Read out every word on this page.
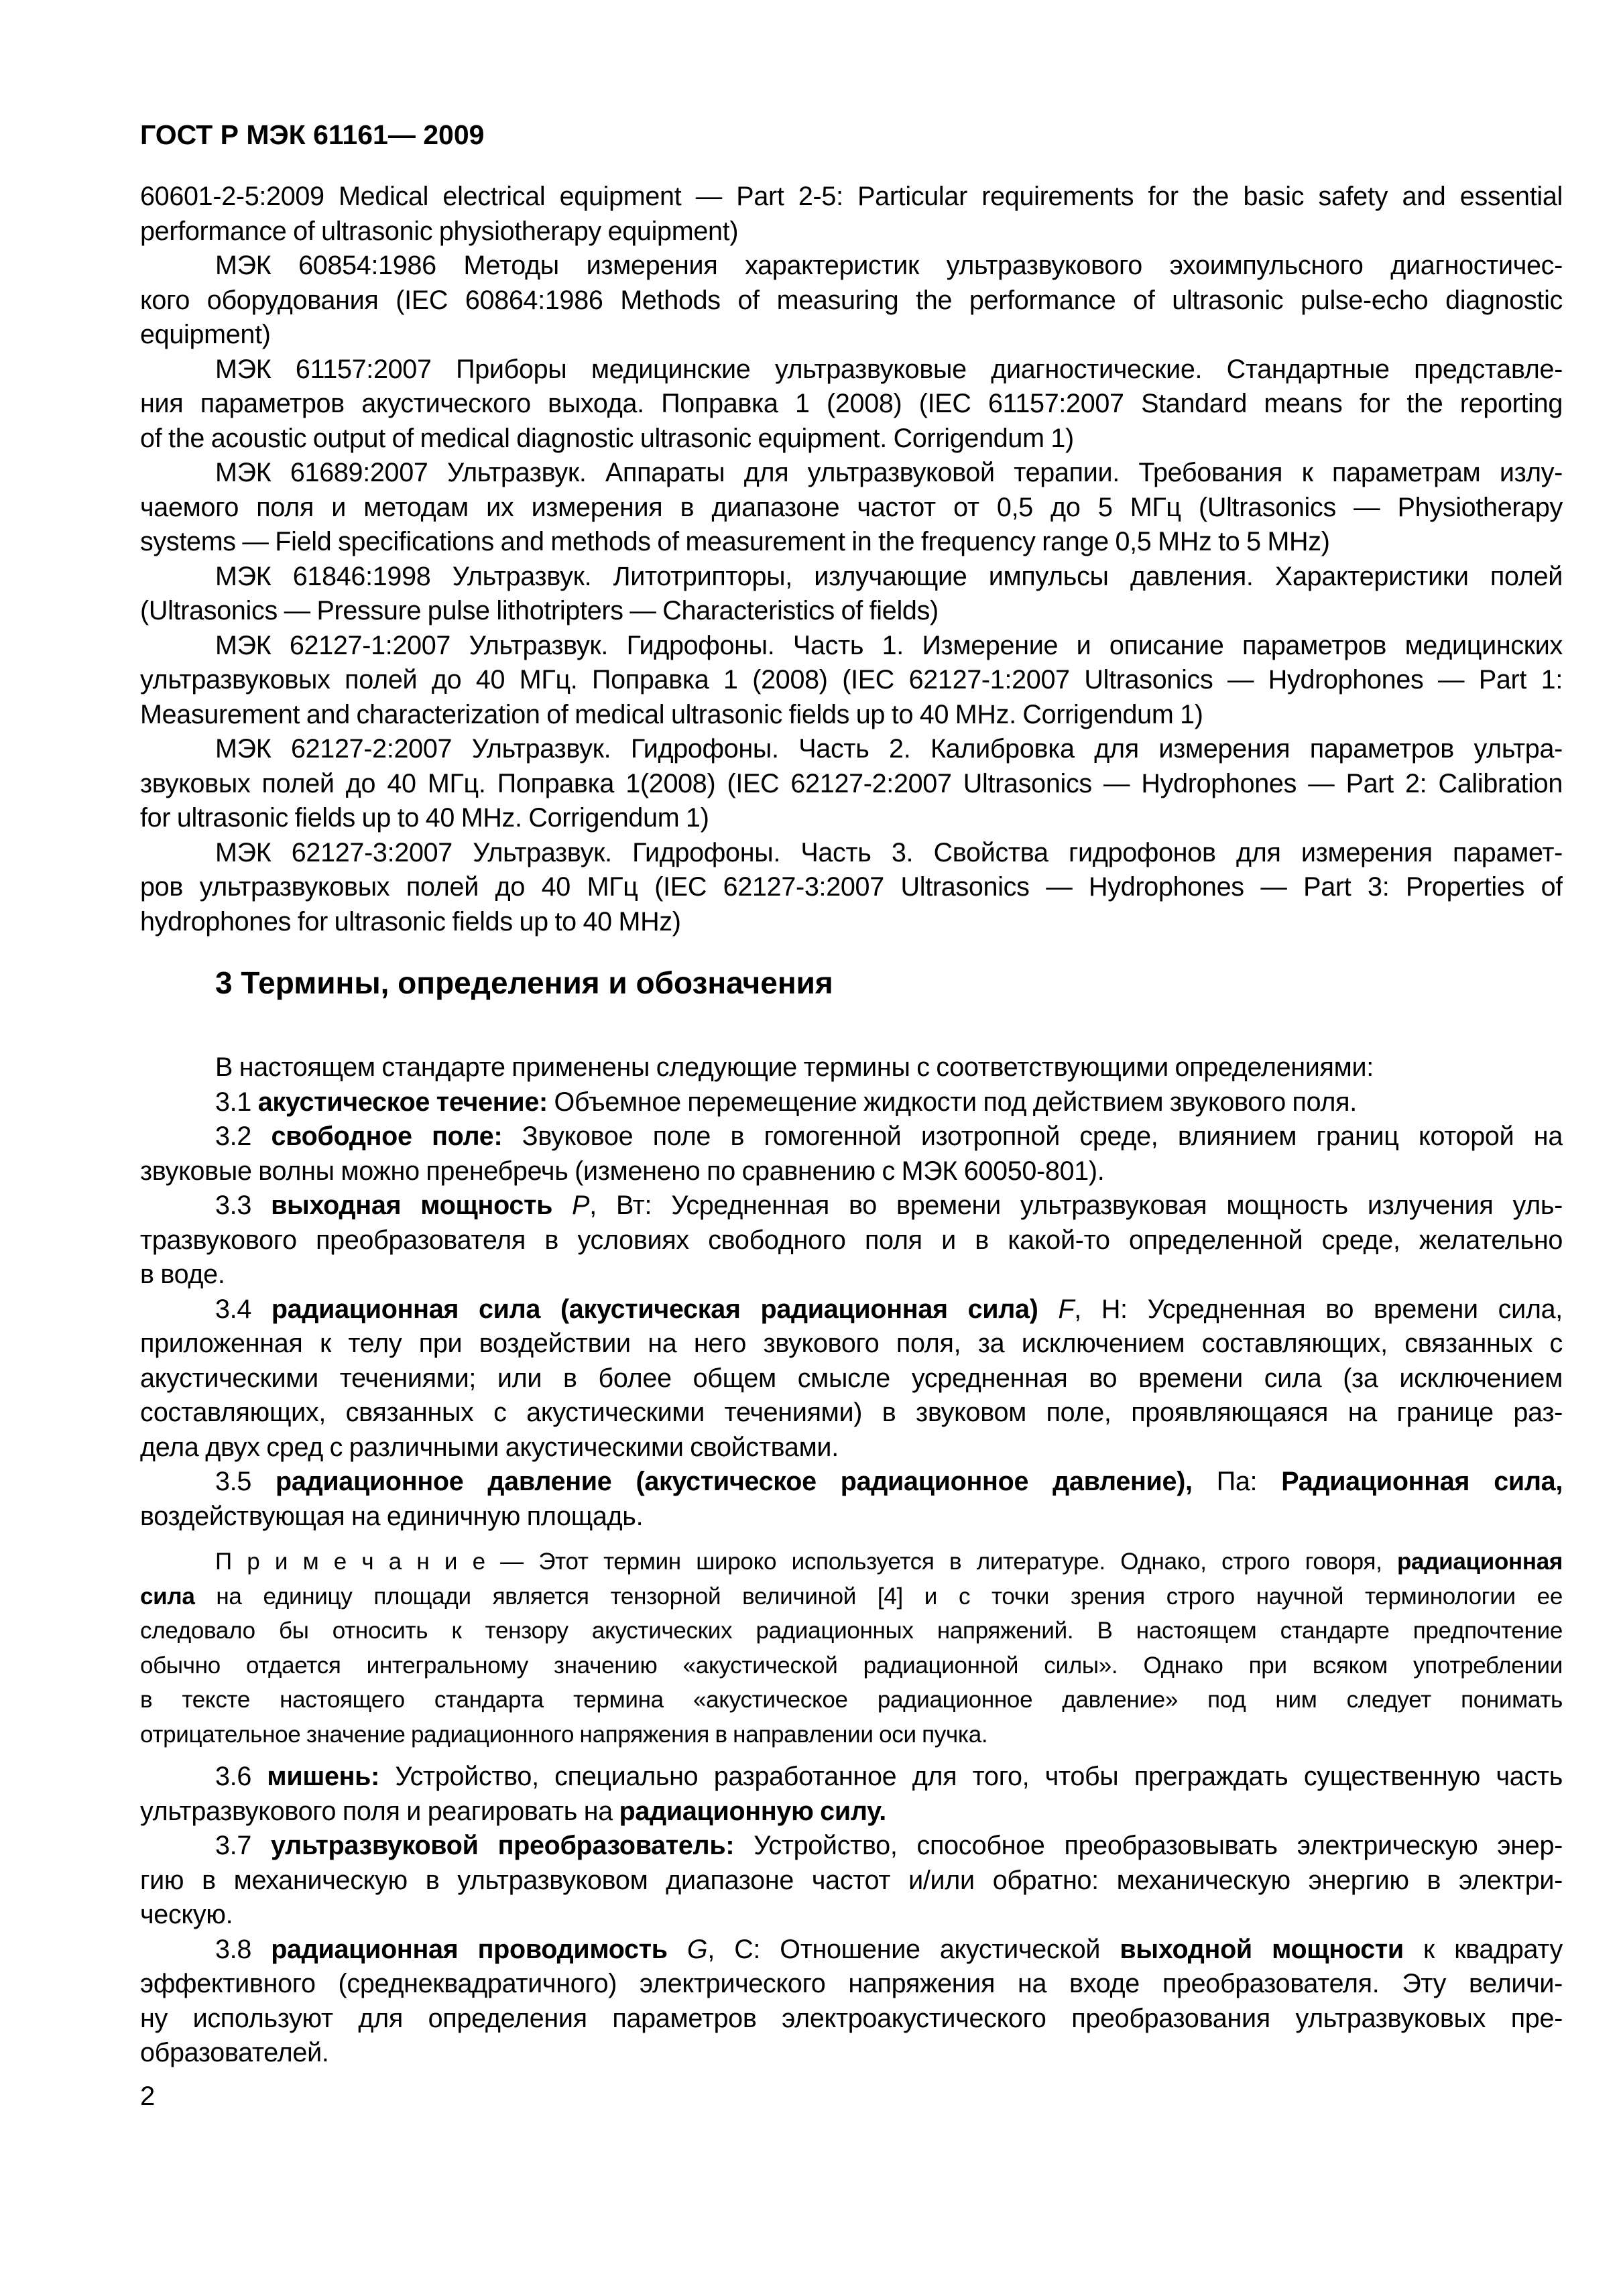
ГОСТ Р МЭК 61161— 2009
60601-2-5:2009 Medical electrical equipment — Part 2-5: Particular requirements for the basic safety and essential
performance of ultrasonic physiotherapy equipment)
МЭК 60854:1986 Методы измерения характеристик ультразвукового эхоимпульсного диагностичес-
кого оборудования (IEC 60864:1986 Methods of measuring the performance of ultrasonic pulse-echo diagnostic
equipment)
МЭК 61157:2007 Приборы медицинские ультразвуковые диагностические. Стандартные представле-
ния параметров акустического выхода. Поправка 1 (2008) (IEC 61157:2007 Standard means for the reporting
of the acoustic output of medical diagnostic ultrasonic equipment. Corrigendum 1)
МЭК 61689:2007 Ультразвук. Аппараты для ультразвуковой терапии. Требования к параметрам излу-
чаемого поля и методам их измерения в диапазоне частот от 0,5 до 5 МГц (Ultrasonics — Physiotherapy
systems — Field specifications and methods of measurement in the frequency range 0,5 MHz to 5 MHz)
МЭК 61846:1998 Ультразвук. Литотрипторы, излучающие импульсы давления. Характеристики полей
(Ultrasonics — Pressure pulse lithotripters — Characteristics of fields)
МЭК 62127-1:2007 Ультразвук. Гидрофоны. Часть 1. Измерение и описание параметров медицинских
ультразвуковых полей до 40 МГц. Поправка 1 (2008) (IEC 62127-1:2007 Ultrasonics — Hydrophones — Part 1:
Measurement and characterization of medical ultrasonic fields up to 40 MHz. Corrigendum 1)
МЭК 62127-2:2007 Ультразвук. Гидрофоны. Часть 2. Калибровка для измерения параметров ультра-
звуковых полей до 40 МГц. Поправка 1(2008) (IEC 62127-2:2007 Ultrasonics — Hydrophones — Part 2: Calibration
for ultrasonic fields up to 40 MHz. Corrigendum 1)
МЭК 62127-3:2007 Ультразвук. Гидрофоны. Часть 3. Свойства гидрофонов для измерения парамет-
ров ультразвуковых полей до 40 МГц (IEC 62127-3:2007 Ultrasonics — Hydrophones — Part 3: Properties of
hydrophones for ultrasonic fields up to 40 MHz)
3 Термины, определения и обозначения
В настоящем стандарте применены следующие термины с соответствующими определениями:
3.1 акустическое течение: Объемное перемещение жидкости под действием звукового поля.
3.2 свободное поле: Звуковое поле в гомогенной изотропной среде, влиянием границ которой на
звуковые волны можно пренебречь (изменено по сравнению с МЭК 60050-801).
3.3 выходная мощность P, Вт: Усредненная во времени ультразвуковая мощность излучения уль-
тразвукового преобразователя в условиях свободного поля и в какой-то определенной среде, желательно
в воде.
3.4 радиационная сила (акустическая радиационная сила) F, Н: Усредненная во времени сила,
приложенная к телу при воздействии на него звукового поля, за исключением составляющих, связанных с
акустическими течениями; или в более общем смысле усредненная во времени сила (за исключением
составляющих, связанных с акустическими течениями) в звуковом поле, проявляющаяся на границе раз-
дела двух сред с различными акустическими свойствами.
3.5 радиационное давление (акустическое радиационное давление), Па: Радиационная сила,
воздействующая на единичную площадь.
П р и м е ч а н и е — Этот термин широко используется в литературе. Однако, строго говоря, радиационная
сила на единицу площади является тензорной величиной [4] и с точки зрения строго научной терминологии ее
следовало бы относить к тензору акустических радиационных напряжений. В настоящем стандарте предпочтение
обычно отдается интегральному значению «акустической радиационной силы». Однако при всяком употреблении
в тексте настоящего стандарта термина «акустическое радиационное давление» под ним следует понимать
отрицательное значение радиационного напряжения в направлении оси пучка.
3.6 мишень: Устройство, специально разработанное для того, чтобы преграждать существенную часть
ультразвукового поля и реагировать на радиационную силу.
3.7 ультразвуковой преобразователь: Устройство, способное преобразовывать электрическую энер-
гию в механическую в ультразвуковом диапазоне частот и/или обратно: механическую энергию в электри-
ческую.
3.8 радиационная проводимость G, С: Отношение акустической выходной мощности к квадрату
эффективного (среднеквадратичного) электрического напряжения на входе преобразователя. Эту величи-
ну используют для определения параметров электроакустического преобразования ультразвуковых пре-
образователей.
2
